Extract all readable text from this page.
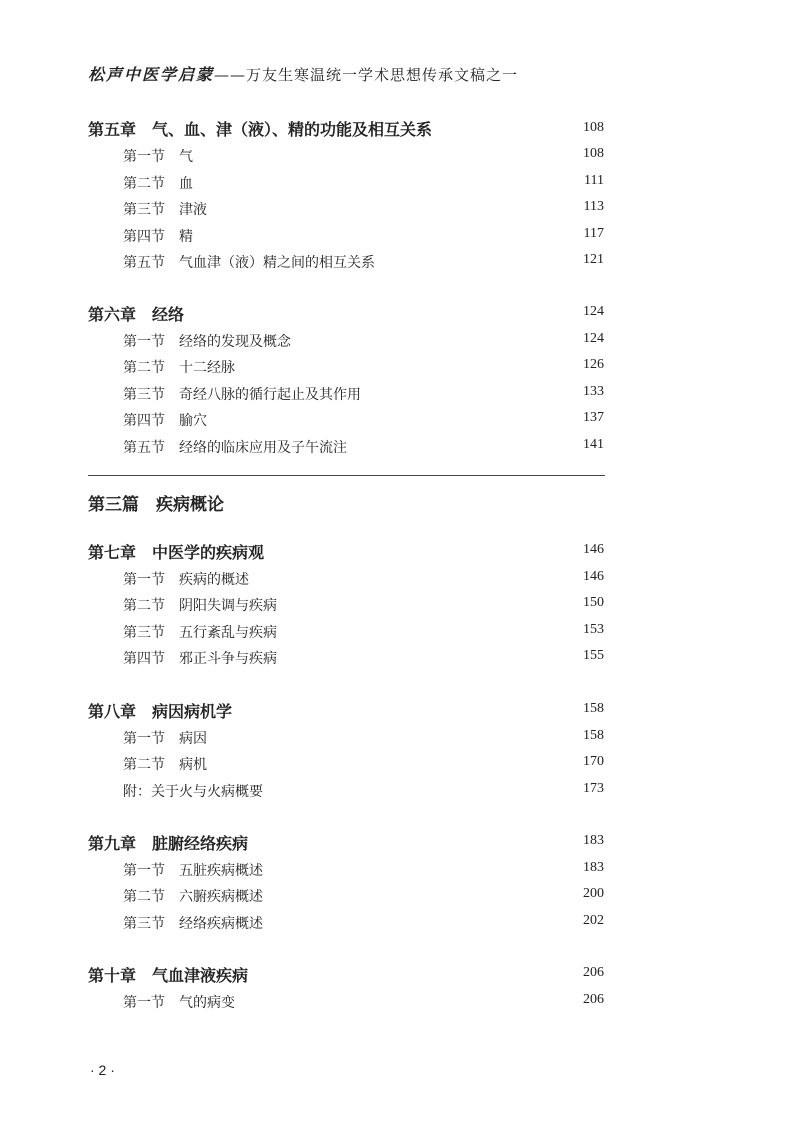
松声中医学启蒙——万友生寒温统一学术思想传承文稿之一
第五章　气、血、津（液）、精的功能及相互关系	108
第一节　气	108
第二节　血	111
第三节　津液	113
第四节　精	117
第五节　气血津（液）精之间的相互关系	121
第六章　经络	124
第一节　经络的发现及概念	124
第二节　十二经脉	126
第三节　奇经八脉的循行起止及其作用	133
第四节　腧穴	137
第五节　经络的临床应用及子午流注	141
第三篇　疾病概论
第七章　中医学的疾病观	146
第一节　疾病的概述	146
第二节　阴阳失调与疾病	150
第三节　五行紊乱与疾病	153
第四节　邪正斗争与疾病	155
第八章　病因病机学	158
第一节　病因	158
第二节　病机	170
附：关于火与火病概要	173
第九章　脏腑经络疾病	183
第一节　五脏疾病概述	183
第二节　六腑疾病概述	200
第三节　经络疾病概述	202
第十章　气血津液疾病	206
第一节　气的病变	206
· 2 ·
